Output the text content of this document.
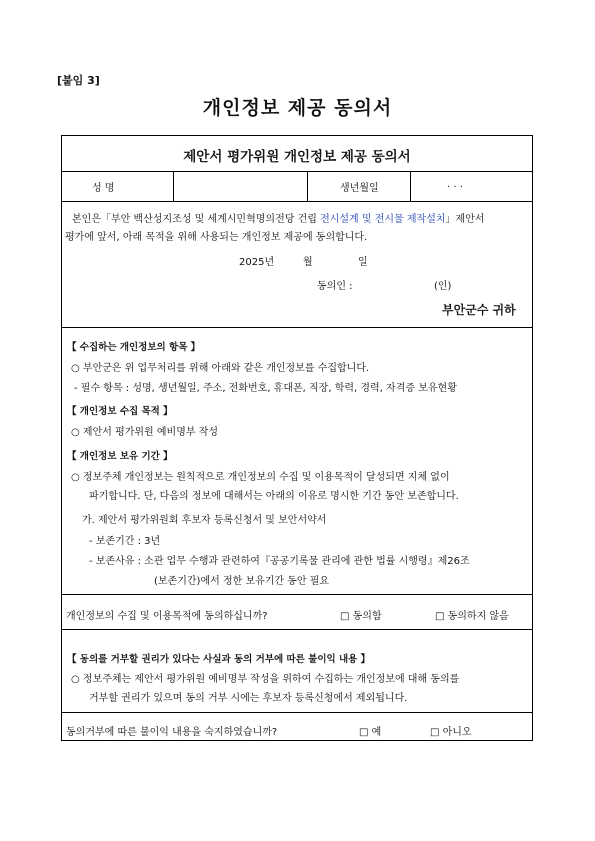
[붙임 3]
개인정보 제공 동의서
제안서 평가위원 개인정보 제공 동의서
성 명	생년월일	. . .
본인은「부안 백산성지조성 및 세계시민혁명의전당 건립 전시설계 및 전시물 제작설치」제안서
평가에 앞서, 아래 목적을 위해 사용되는 개인정보 제공에 동의합니다.
2025년	월	일
동의인 :	(인)
부안군수 귀하
【 수집하는 개인정보의 항목 】
○ 부안군은 위 업무처리를 위해 아래와 같은 개인정보를 수집합니다.
- 필수 항목 : 성명, 생년월일, 주소, 전화번호, 휴대폰, 직장, 학력, 경력, 자격증 보유현황
【 개인정보 수집 목적 】
○ 제안서 평가위원 예비명부 작성
【 개인정보 보유 기간 】
○ 정보주체 개인정보는 원칙적으로 개인정보의 수집 및 이용목적이 달성되면 지체 없이
파기합니다. 단, 다음의 정보에 대해서는 아래의 이유로 명시한 기간 동안 보존합니다.
가. 제안서 평가위원회 후보자 등록신청서 및 보안서약서
- 보존기간 : 3년
- 보존사유 : 소관 업무 수행과 관련하여『공공기록물 관리에 관한 법률 시행령』제26조
(보존기간)에서 정한 보유기간 동안 필요
개인정보의 수집 및 이용목적에 동의하십니까?	□ 동의함	□ 동의하지 않음
【 동의를 거부할 권리가 있다는 사실과 동의 거부에 따른 불이익 내용 】
○ 정보주체는 제안서 평가위원 예비명부 작성을 위하여 수집하는 개인정보에 대해 동의를
거부할 권리가 있으며 동의 거부 시에는 후보자 등록신청에서 제외됩니다.
동의거부에 따른 불이익 내용을 숙지하였습니까?	□ 예	□ 아니오
